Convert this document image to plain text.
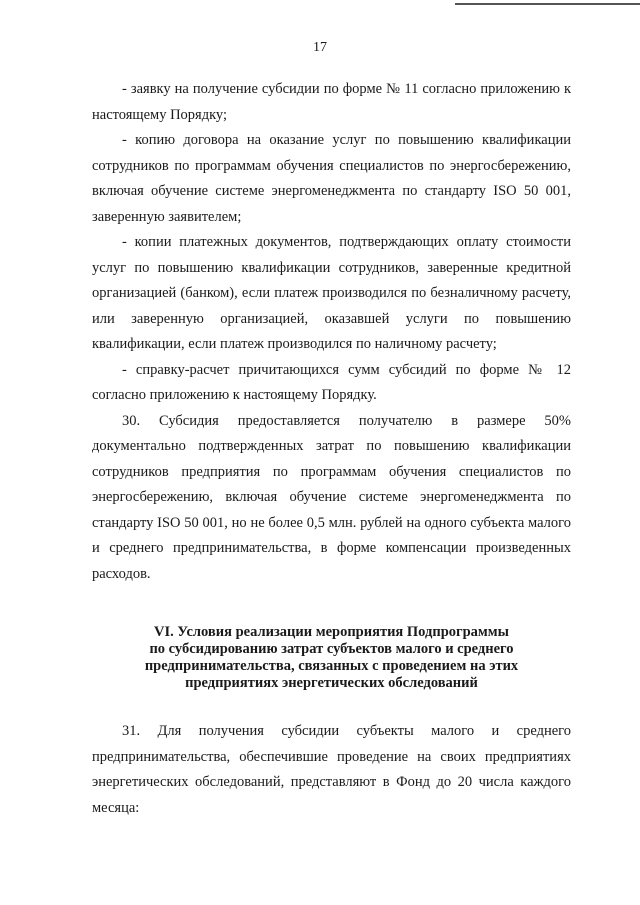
17

- заявку на получение субсидии по форме № 11 согласно приложению к настоящему Порядку;

- копию договора на оказание услуг по повышению квалификации сотрудников по программам обучения специалистов по энергосбережению, включая обучение системе энергоменеджмента по стандарту ISO 50 001, заверенную заявителем;

- копии платежных документов, подтверждающих оплату стоимости услуг по повышению квалификации сотрудников, заверенные кредитной организацией (банком), если платеж производился по безналичному расчету, или заверенную организацией, оказавшей услуги по повышению квалификации, если платеж производился по наличному расчету;

- справку-расчет причитающихся сумм субсидий по форме № 12 согласно приложению к настоящему Порядку.

30. Субсидия предоставляется получателю в размере 50% документально подтвержденных затрат по повышению квалификации сотрудников предприятия по программам обучения специалистов по энергосбережению, включая обучение системе энергоменеджмента по стандарту ISO 50 001, но не более 0,5 млн. рублей на одного субъекта малого и среднего предпринимательства, в форме компенсации произведенных расходов.

VI. Условия реализации мероприятия Подпрограммы
по субсидированию затрат субъектов малого и среднего
предпринимательства, связанных с проведением на этих
предприятиях энергетических обследований

31. Для получения субсидии субъекты малого и среднего предпринимательства, обеспечившие проведение на своих предприятиях энергетических обследований, представляют в Фонд до 20 числа каждого месяца:
